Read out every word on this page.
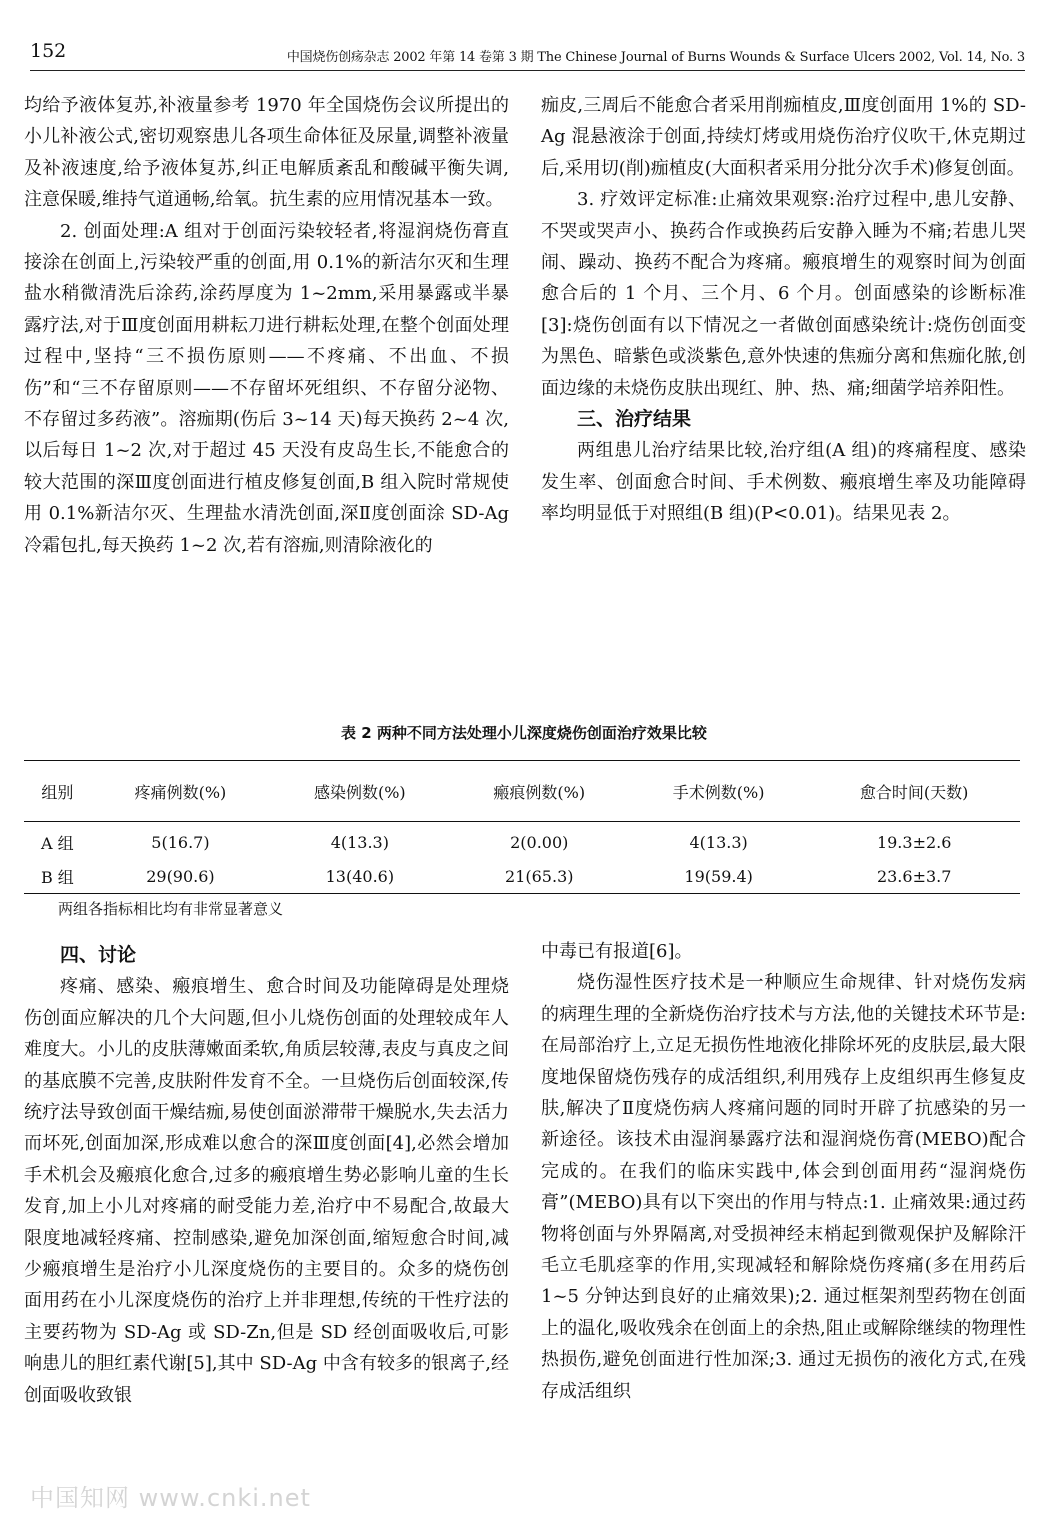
152	中国烧伤创疡杂志 2002 年第 14 卷第 3 期 The Chinese Journal of Burns Wounds & Surface Ulcers 2002, Vol. 14, No. 3

均给予液体复苏,补液量参考 1970 年全国烧伤会议所提出的小儿补液公式,密切观察患儿各项生命体征及尿量,调整补液量及补液速度,给予液体复苏,纠正电解质紊乱和酸碱平衡失调,注意保暖,维持气道通畅,给氧。抗生素的应用情况基本一致。

2. 创面处理:A 组对于创面污染较轻者,将湿润烧伤膏直接涂在创面上,污染较严重的创面,用 0.1%的新洁尔灭和生理盐水稍微清洗后涂药,涂药厚度为 1~2mm,采用暴露或半暴露疗法,对于Ⅲ度创面用耕耘刀进行耕耘处理,在整个创面处理过程中,坚持“三不损伤原则——不疼痛、不出血、不损伤”和“三不存留原则——不存留坏死组织、不存留分泌物、不存留过多药液”。溶痂期(伤后 3~14 天)每天换药 2~4 次,以后每日 1~2 次,对于超过 45 天没有皮岛生长,不能愈合的较大范围的深Ⅲ度创面进行植皮修复创面,B 组入院时常规使用 0.1%新洁尔灭、生理盐水清洗创面,深Ⅱ度创面涂 SD-Ag 冷霜包扎,每天换药 1~2 次,若有溶痂,则清除液化的

痂皮,三周后不能愈合者采用削痂植皮,Ⅲ度创面用 1%的 SD-Ag 混悬液涂于创面,持续灯烤或用烧伤治疗仪吹干,休克期过后,采用切(削)痂植皮(大面积者采用分批分次手术)修复创面。

3. 疗效评定标准:止痛效果观察:治疗过程中,患儿安静、不哭或哭声小、换药合作或换药后安静入睡为不痛;若患儿哭闹、躁动、换药不配合为疼痛。瘢痕增生的观察时间为创面愈合后的 1 个月、三个月、6 个月。创面感染的诊断标准[3]:烧伤创面有以下情况之一者做创面感染统计:烧伤创面变为黑色、暗紫色或淡紫色,意外快速的焦痂分离和焦痂化脓,创面边缘的未烧伤皮肤出现红、肿、热、痛;细菌学培养阳性。

三、治疗结果

两组患儿治疗结果比较,治疗组(A 组)的疼痛程度、感染发生率、创面愈合时间、手术例数、瘢痕增生率及功能障碍率均明显低于对照组(B 组)(P<0.01)。结果见表 2。

表 2 两种不同方法处理小儿深度烧伤创面治疗效果比较
组别	疼痛例数(%)	感染例数(%)	瘢痕例数(%)	手术例数(%)	愈合时间(天数)
A 组	5(16.7)	4(13.3)	2(0.00)	4(13.3)	19.3±2.6
B 组	29(90.6)	13(40.6)	21(65.3)	19(59.4)	23.6±3.7
两组各指标相比均有非常显著意义
四、讨论

疼痛、感染、瘢痕增生、愈合时间及功能障碍是处理烧伤创面应解决的几个大问题,但小儿烧伤创面的处理较成年人难度大。小儿的皮肤薄嫩面柔软,角质层较薄,表皮与真皮之间的基底膜不完善,皮肤附件发育不全。一旦烧伤后创面较深,传统疗法导致创面干燥结痂,易使创面淤滞带干燥脱水,失去活力而坏死,创面加深,形成难以愈合的深Ⅲ度创面[4],必然会增加手术机会及瘢痕化愈合,过多的瘢痕增生势必影响儿童的生长发育,加上小儿对疼痛的耐受能力差,治疗中不易配合,故最大限度地减轻疼痛、控制感染,避免加深创面,缩短愈合时间,减少瘢痕增生是治疗小儿深度烧伤的主要目的。众多的烧伤创面用药在小儿深度烧伤的治疗上并非理想,传统的干性疗法的主要药物为 SD-Ag 或 SD-Zn,但是 SD 经创面吸收后,可影响患儿的胆红素代谢[5],其中 SD-Ag 中含有较多的银离子,经创面吸收致银

中毒已有报道[6]。

烧伤湿性医疗技术是一种顺应生命规律、针对烧伤发病的病理生理的全新烧伤治疗技术与方法,他的关键技术环节是:在局部治疗上,立足无损伤性地液化排除坏死的皮肤层,最大限度地保留烧伤残存的成活组织,利用残存上皮组织再生修复皮肤,解决了Ⅱ度烧伤病人疼痛问题的同时开辟了抗感染的另一新途径。该技术由湿润暴露疗法和湿润烧伤膏(MEBO)配合完成的。在我们的临床实践中,体会到创面用药“湿润烧伤膏”(MEBO)具有以下突出的作用与特点:1. 止痛效果:通过药物将创面与外界隔离,对受损神经末梢起到微观保护及解除汗毛立毛肌痉挛的作用,实现减轻和解除烧伤疼痛(多在用药后 1~5 分钟达到良好的止痛效果);2. 通过框架剂型药物在创面上的温化,吸收残余在创面上的余热,阻止或解除继续的物理性热损伤,避免创面进行性加深;3. 通过无损伤的液化方式,在残存成活组织

中国知网 www.cnki.net
